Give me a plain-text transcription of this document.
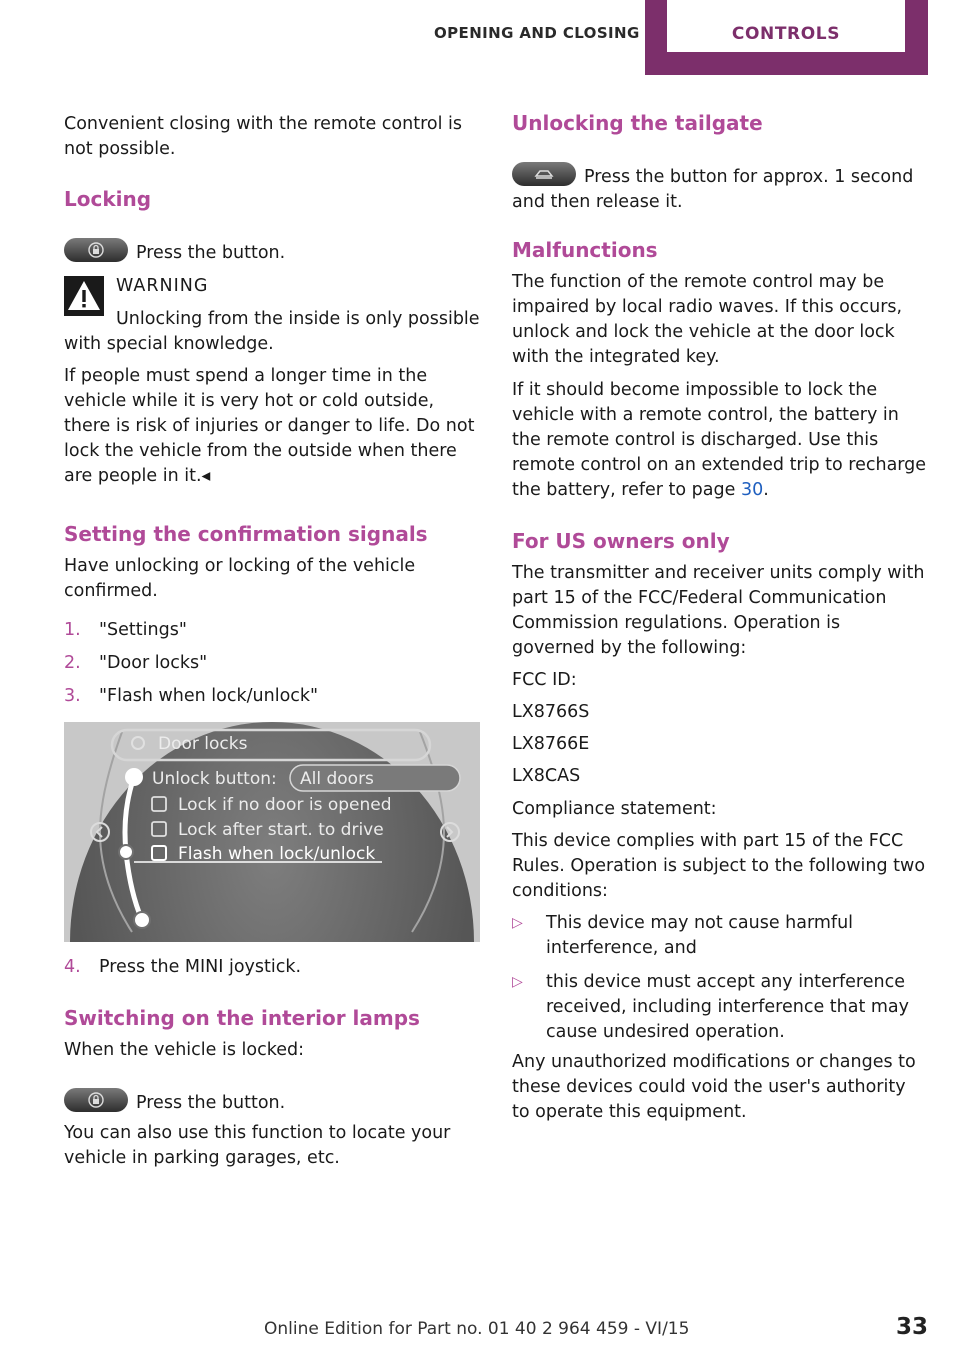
OPENING AND CLOSING	CONTROLS

Convenient closing with the remote control is not possible.

Locking
Press the button.
WARNING
Unlocking from the inside is only possible
with special knowledge.

If people must spend a longer time in the vehicle while it is very hot or cold outside, there is risk of injuries or danger to life. Do not lock the vehicle from the outside when there are people in it.◂

Setting the confirmation signals

Have unlocking or locking of the vehicle confirmed.

1. "Settings"
2. "Door locks"
3. "Flash when lock/unlock"
Door locks
Unlock button: All doors
Lock if no door is opened
Lock after start. to drive
Flash when lock/unlock
4. Press the MINI joystick.
Switching on the interior lamps

When the vehicle is locked:

Press the button.

You can also use this function to locate your vehicle in parking garages, etc.

Unlocking the tailgate
Press the button for approx. 1 second and then release it.
Malfunctions

The function of the remote control may be impaired by local radio waves. If this occurs, unlock and lock the vehicle at the door lock with the integrated key.

If it should become impossible to lock the vehicle with a remote control, the battery in the remote control is discharged. Use this remote control on an extended trip to recharge the battery, refer to page 30.

For US owners only

The transmitter and receiver units comply with part 15 of the FCC/Federal Communication Commission regulations. Operation is governed by the following:

FCC ID:

LX8766S

LX8766E

LX8CAS

Compliance statement:

This device complies with part 15 of the FCC Rules. Operation is subject to the following two conditions:

▷	This device may not cause harmful interference, and
▷	this device must accept any interference received, including interference that may cause undesired operation.

Any unauthorized modifications or changes to these devices could void the user's authority to operate this equipment.

Online Edition for Part no. 01 40 2 964 459 - VI/15	33
